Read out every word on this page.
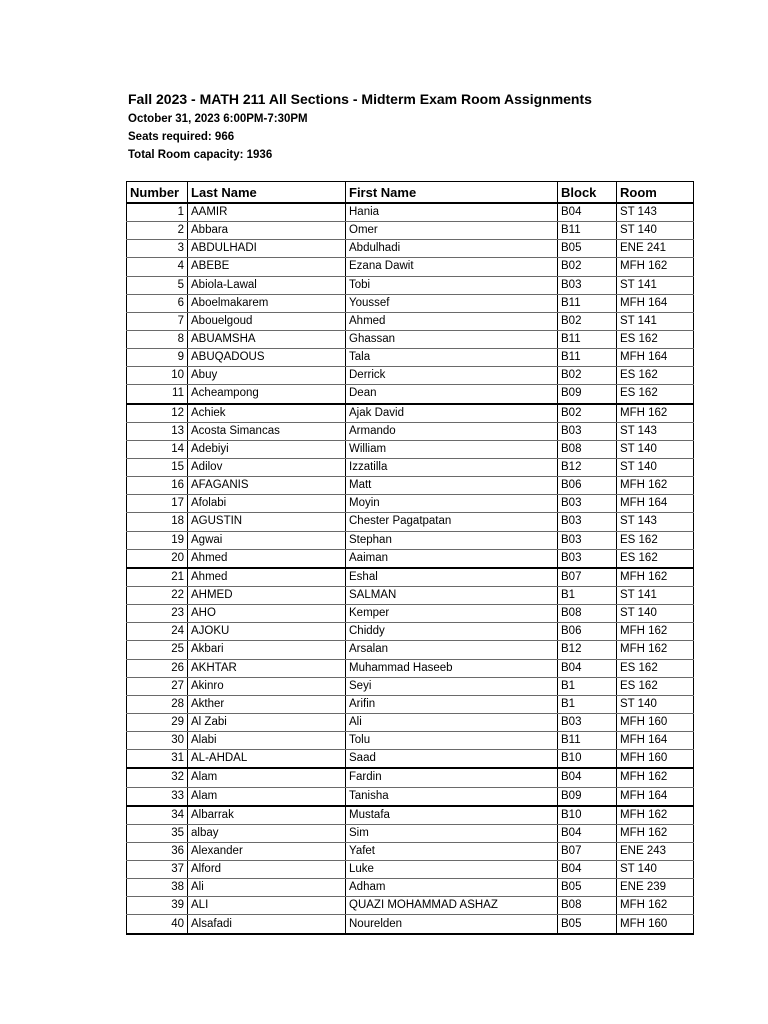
Fall 2023 - MATH 211 All Sections - Midterm Exam Room Assignments
October 31, 2023 6:00PM-7:30PM
Seats required: 966
Total Room capacity: 1936
Number	Last Name	First Name	Block	Room
1	AAMIR	Hania	B04	ST 143
2	Abbara	Omer	B11	ST 140
3	ABDULHADI	Abdulhadi	B05	ENE 241
4	ABEBE	Ezana Dawit	B02	MFH 162
5	Abiola-Lawal	Tobi	B03	ST 141
6	Aboelmakarem	Youssef	B11	MFH 164
7	Abouelgoud	Ahmed	B02	ST 141
8	ABUAMSHA	Ghassan	B11	ES 162
9	ABUQADOUS	Tala	B11	MFH 164
10	Abuy	Derrick	B02	ES 162
11	Acheampong	Dean	B09	ES 162
12	Achiek	Ajak David	B02	MFH 162
13	Acosta Simancas	Armando	B03	ST 143
14	Adebiyi	William	B08	ST 140
15	Adilov	Izzatilla	B12	ST 140
16	AFAGANIS	Matt	B06	MFH 162
17	Afolabi	Moyin	B03	MFH 164
18	AGUSTIN	Chester Pagatpatan	B03	ST 143
19	Agwai	Stephan	B03	ES 162
20	Ahmed	Aaiman	B03	ES 162
21	Ahmed	Eshal	B07	MFH 162
22	AHMED	SALMAN	B1	ST 141
23	AHO	Kemper	B08	ST 140
24	AJOKU	Chiddy	B06	MFH 162
25	Akbari	Arsalan	B12	MFH 162
26	AKHTAR	Muhammad Haseeb	B04	ES 162
27	Akinro	Seyi	B1	ES 162
28	Akther	Arifin	B1	ST 140
29	Al Zabi	Ali	B03	MFH 160
30	Alabi	Tolu	B11	MFH 164
31	AL-AHDAL	Saad	B10	MFH 160
32	Alam	Fardin	B04	MFH 162
33	Alam	Tanisha	B09	MFH 164
34	Albarrak	Mustafa	B10	MFH 162
35	albay	Sim	B04	MFH 162
36	Alexander	Yafet	B07	ENE 243
37	Alford	Luke	B04	ST 140
38	Ali	Adham	B05	ENE 239
39	ALI	QUAZI MOHAMMAD ASHAZ	B08	MFH 162
40	Alsafadi	Nourelden	B05	MFH 160
